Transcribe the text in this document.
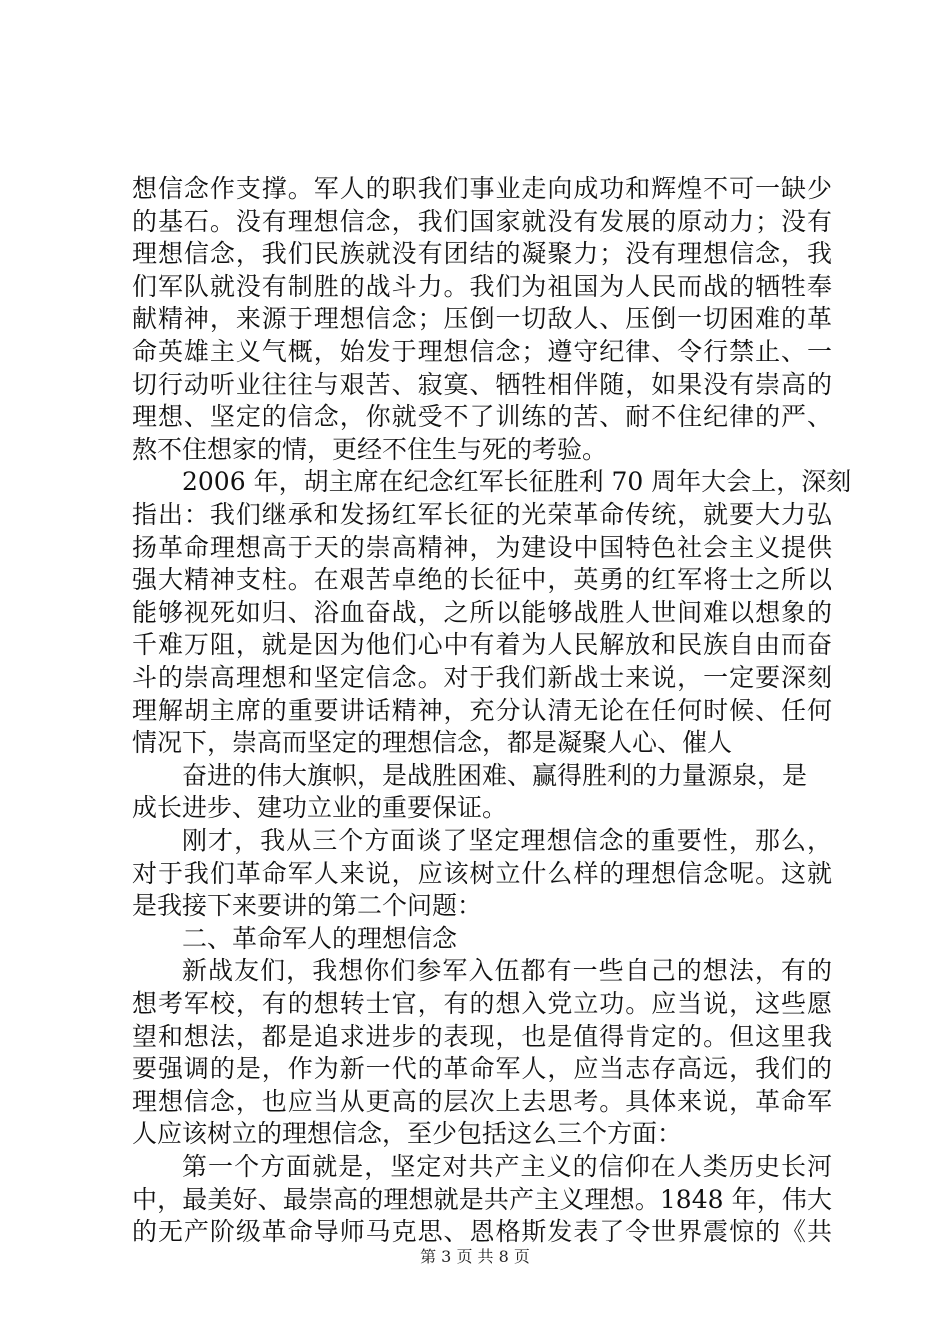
想信念作支撑。军人的职我们事业走向成功和辉煌不可一缺少
的基石。没有理想信念，我们国家就没有发展的原动力；没有
理想信念，我们民族就没有团结的凝聚力；没有理想信念，我
们军队就没有制胜的战斗力。我们为祖国为人民而战的牺牲奉
献精神，来源于理想信念；压倒一切敌人、压倒一切困难的革
命英雄主义气概，始发于理想信念；遵守纪律、令行禁止、一
切行动听业往往与艰苦、寂寞、牺牲相伴随，如果没有崇高的
理想、坚定的信念，你就受不了训练的苦、耐不住纪律的严、
熬不住想家的情，更经不住生与死的考验。
2006 年，胡主席在纪念红军长征胜利 70 周年大会上，深刻
指出：我们继承和发扬红军长征的光荣革命传统，就要大力弘
扬革命理想高于天的崇高精神，为建设中国特色社会主义提供
强大精神支柱。在艰苦卓绝的长征中，英勇的红军将士之所以
能够视死如归、浴血奋战，之所以能够战胜人世间难以想象的
千难万阻，就是因为他们心中有着为人民解放和民族自由而奋
斗的崇高理想和坚定信念。对于我们新战士来说，一定要深刻
理解胡主席的重要讲话精神，充分认清无论在任何时候、任何
情况下，崇高而坚定的理想信念，都是凝聚人心、催人
奋进的伟大旗帜，是战胜困难、赢得胜利的力量源泉，是
成长进步、建功立业的重要保证。
刚才，我从三个方面谈了坚定理想信念的重要性，那么，
对于我们革命军人来说，应该树立什么样的理想信念呢。这就
是我接下来要讲的第二个问题：
二、革命军人的理想信念
新战友们，我想你们参军入伍都有一些自己的想法，有的
想考军校，有的想转士官，有的想入党立功。应当说，这些愿
望和想法，都是追求进步的表现，也是值得肯定的。但这里我
要强调的是，作为新一代的革命军人，应当志存高远，我们的
理想信念，也应当从更高的层次上去思考。具体来说，革命军
人应该树立的理想信念，至少包括这么三个方面：
第一个方面就是，坚定对共产主义的信仰在人类历史长河
中，最美好、最崇高的理想就是共产主义理想。1848 年，伟大
的无产阶级革命导师马克思、恩格斯发表了令世界震惊的《共
第 3 页 共 8 页
